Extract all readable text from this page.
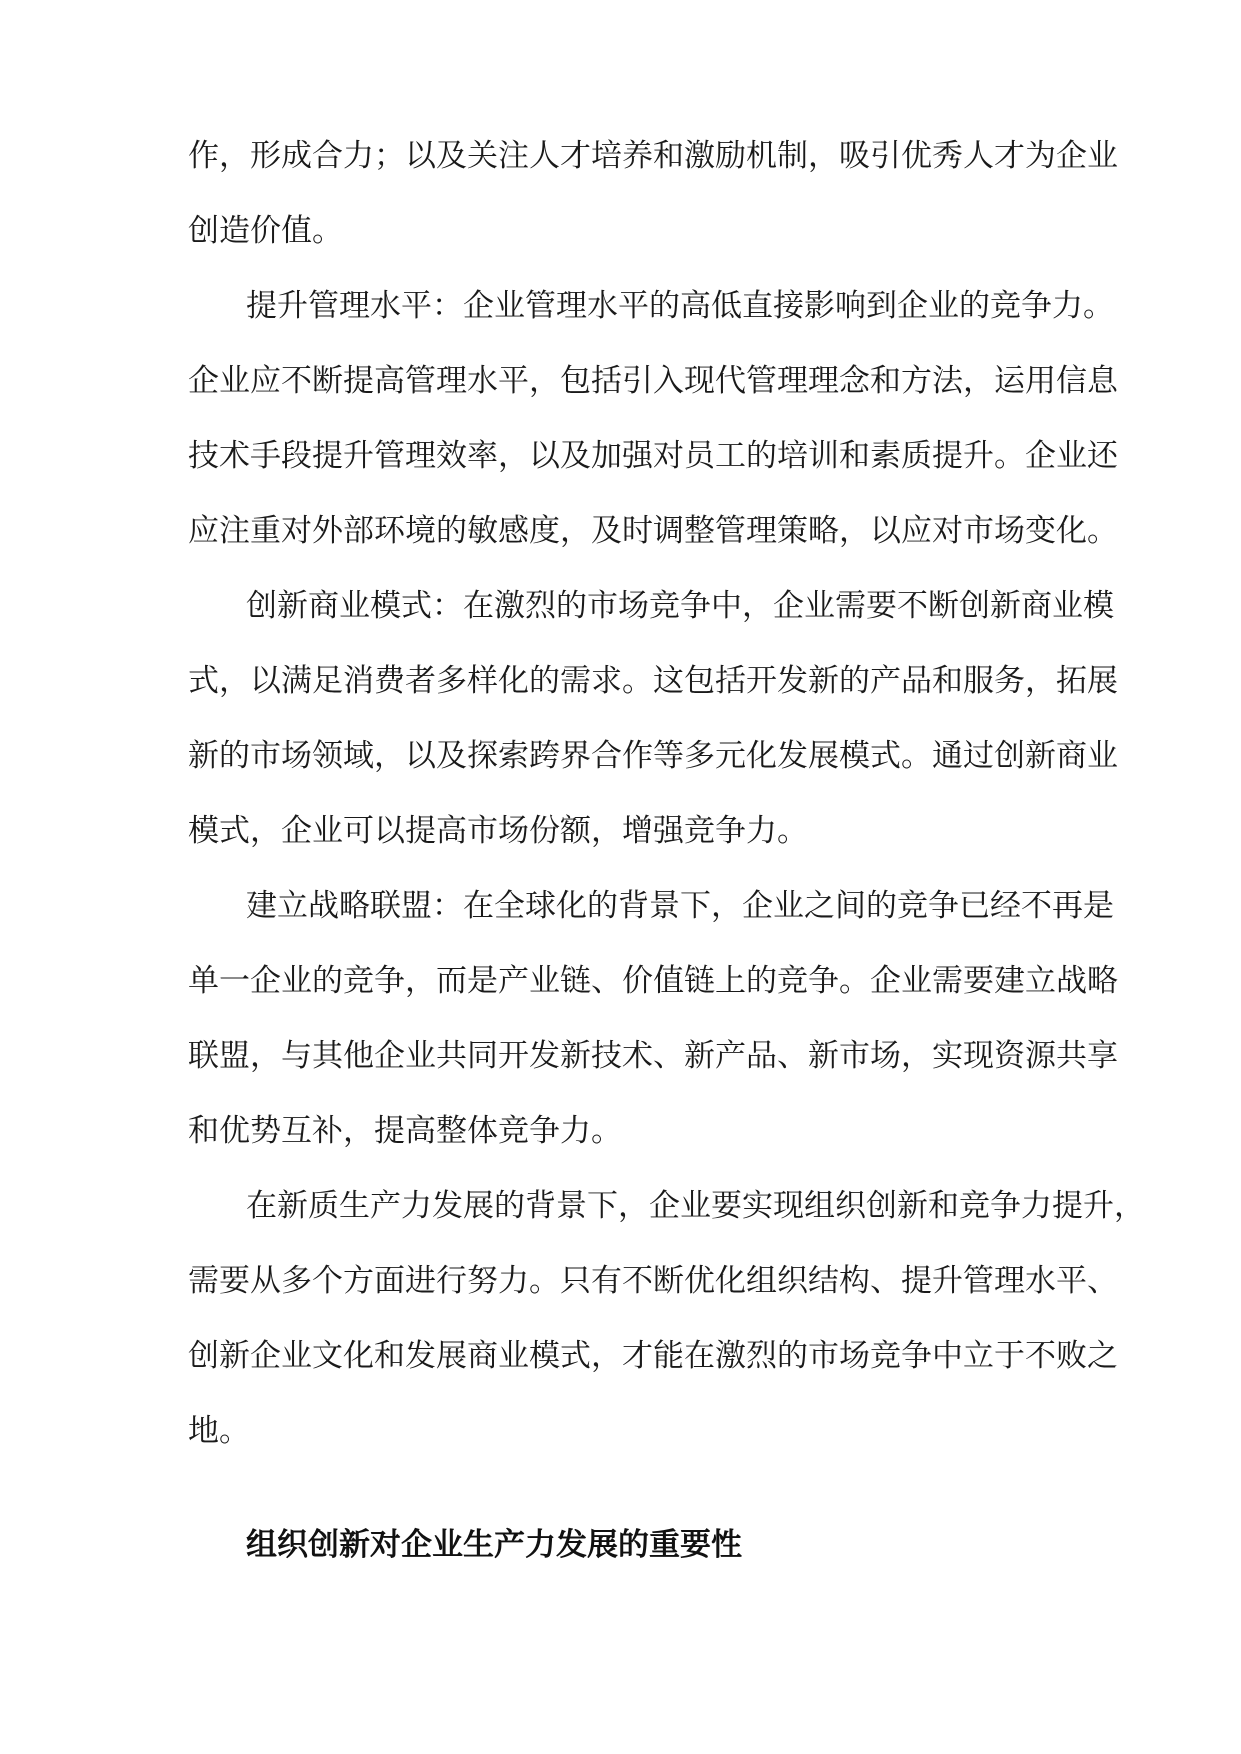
作，形成合力；以及关注人才培养和激励机制，吸引优秀人才为企业

创造价值。

提升管理水平：企业管理水平的高低直接影响到企业的竞争力。

企业应不断提高管理水平，包括引入现代管理理念和方法，运用信息

技术手段提升管理效率，以及加强对员工的培训和素质提升。企业还

应注重对外部环境的敏感度，及时调整管理策略，以应对市场变化。

创新商业模式：在激烈的市场竞争中，企业需要不断创新商业模

式，以满足消费者多样化的需求。这包括开发新的产品和服务，拓展

新的市场领域，以及探索跨界合作等多元化发展模式。通过创新商业

模式，企业可以提高市场份额，增强竞争力。

建立战略联盟：在全球化的背景下，企业之间的竞争已经不再是

单一企业的竞争，而是产业链、价值链上的竞争。企业需要建立战略

联盟，与其他企业共同开发新技术、新产品、新市场，实现资源共享

和优势互补，提高整体竞争力。

在新质生产力发展的背景下，企业要实现组织创新和竞争力提升，

需要从多个方面进行努力。只有不断优化组织结构、提升管理水平、

创新企业文化和发展商业模式，才能在激烈的市场竞争中立于不败之

地。

组织创新对企业生产力发展的重要性
